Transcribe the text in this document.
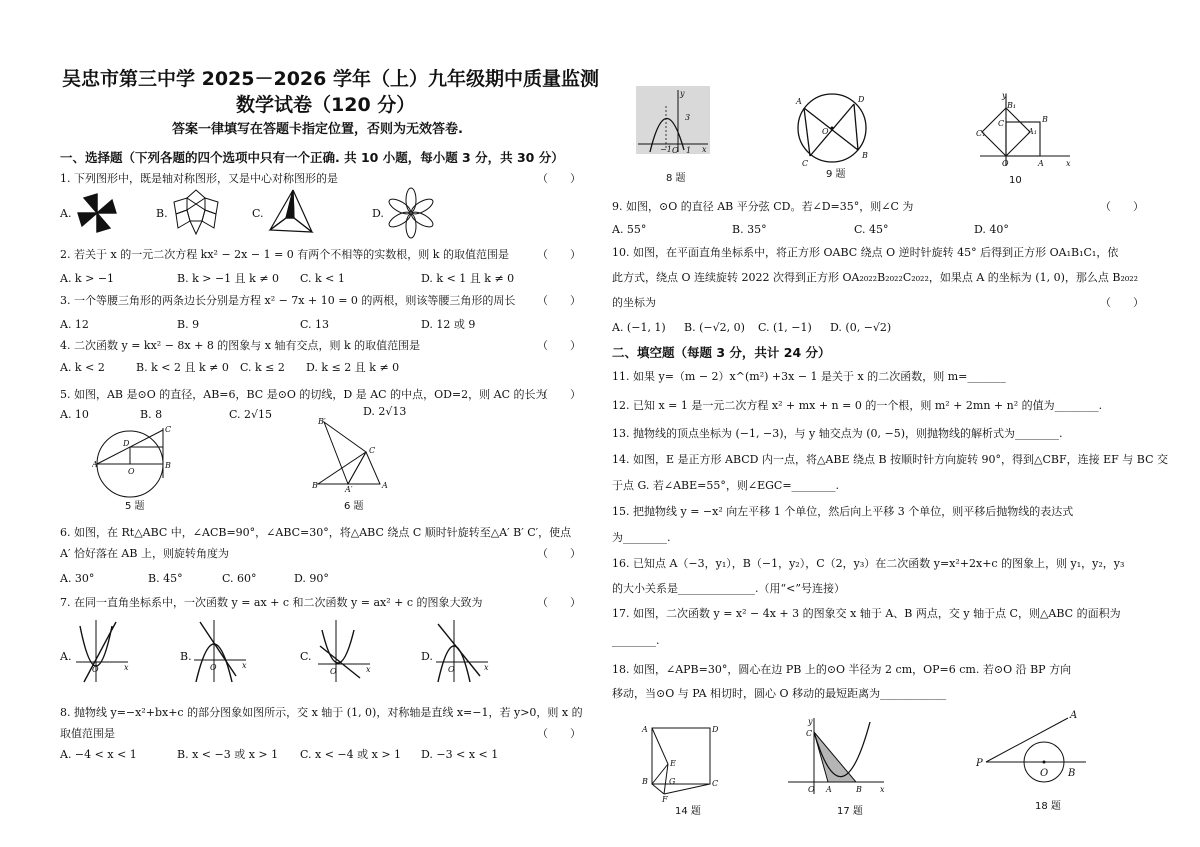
吴忠市第三中学 2025－2026 学年（上）九年级期中质量监测
数学试卷（120 分）
答案一律填写在答题卡指定位置，否则为无效答卷.
一、选择题（下列各题的四个选项中只有一个正确. 共 10 小题，每小题 3 分，共 30 分）
1. 下列图形中，既是轴对称图形，又是中心对称图形的是	（　　）
A.	B.	C.	D.
2. 若关于 x 的一元二次方程 kx² − 2x − 1 = 0 有两个不相等的实数根，则 k 的取值范围是	（　　）
A. k > −1	B. k > −1 且 k ≠ 0 C. k < 1	D. k < 1 且 k ≠ 0
3. 一个等腰三角形的两条边长分别是方程 x² − 7x + 10 = 0 的两根，则该等腰三角形的周长 （　　）
A. 12	B. 9	C. 13	D. 12 或 9
4. 二次函数 y = kx² − 8x + 8 的图象与 x 轴有交点，则 k 的取值范围是	（　　）
A. k < 2	B. k < 2 且 k ≠ 0 C. k ≤ 2 D. k ≤ 2 且 k ≠ 0
5. 如图，AB 是⊙O 的直径，AB=6，BC 是⊙O 的切线，D 是 AC 的中点，OD=2，则 AC 的长为
（　　）
A. 10	B. 8	C. 2√15	D. 2√13
A	B
C
D
O
5 题
B′
C
B	A
A′
6 题
6. 如图，在 Rt△ABC 中，∠ACB=90°，∠ABC=30°，将△ABC 绕点 C 顺时针旋转至△A′ B′ C′，使点
A′ 恰好落在 AB 上，则旋转角度为	（　　）
A. 30°	B. 45°	C. 60°	D. 90°
7. 在同一直角坐标系中，一次函数 y = ax + c 和二次函数 y = ax² + c 的图象大致为	（　　）
A.
O	x
B.
O	x
C.
O	x
D.
O	x
8. 抛物线 y=−x²+bx+c 的部分图象如图所示，交 x 轴于 (1, 0)，对称轴是直线 x=−1，若 y>0，则 x 的
取值范围是	（　　）
A. −4 < x < 1	B. x < −3 或 x > 1 C. x < −4 或 x > 1 D. −3 < x < 1
y
3
−1 O 1 x
8 题
A	D
C
B
O
9 题
y
B₁
B
C
A₁
C₁
O	A	x
10
9. 如图，⊙O 的直径 AB 平分弦 CD。若∠D=35°，则∠C 为	（　　）
A. 55°	B. 35°	C. 45°	D. 40°
10. 如图，在平面直角坐标系中，将正方形 OABC 绕点 O 逆时针旋转 45° 后得到正方形 OA₁B₁C₁，依
此方式，绕点 O 连续旋转 2022 次得到正方形 OA₂₀₂₂B₂₀₂₂C₂₀₂₂，如果点 A 的坐标为 (1, 0)，那么点 B₂₀₂₂
的坐标为	（　　）
A. (−1, 1) B. (−√2, 0) C. (1, −1) D. (0, −√2)
二、填空题（每题 3 分，共计 24 分）
11. 如果 y=（m − 2）x^(m²) +3x − 1 是关于 x 的二次函数，则 m=_______
12. 已知 x = 1 是一元二次方程 x² + mx + n = 0 的一个根，则 m² + 2mn + n² 的值为________.
13. 抛物线的顶点坐标为 (−1, −3)，与 y 轴交点为 (0, −5)，则抛物线的解析式为________.
14. 如图，E 是正方形 ABCD 内一点，将△ABE 绕点 B 按顺时针方向旋转 90°，得到△CBF，连接 EF 与 BC 交
于点 G. 若∠ABE=55°，则∠EGC=________.
15. 把抛物线 y = −x² 向左平移 1 个单位，然后向上平移 3 个单位，则平移后抛物线的表达式
为________.
16. 已知点 A（−3，y₁），B（−1，y₂），C（2，y₃）在二次函数 y=x²+2x+c 的图象上，则 y₁，y₂，y₃
的大小关系是______________.（用“<”号连接）
17. 如图，二次函数 y = x² − 4x + 3 的图象交 x 轴于 A、B 两点，交 y 轴于点 C，则△ABC 的面积为
________.
18. 如图，∠APB=30°，圆心在边 PB 上的⊙O 半径为 2 cm，OP=6 cm. 若⊙O 沿 BP 方向
移动，当⊙O 与 PA 相切时，圆心 O 移动的最短距离为____________
A	D
B	C
E
G
F
14 题
y
C
O A	B x
17 题
P
A
O B
18 题
